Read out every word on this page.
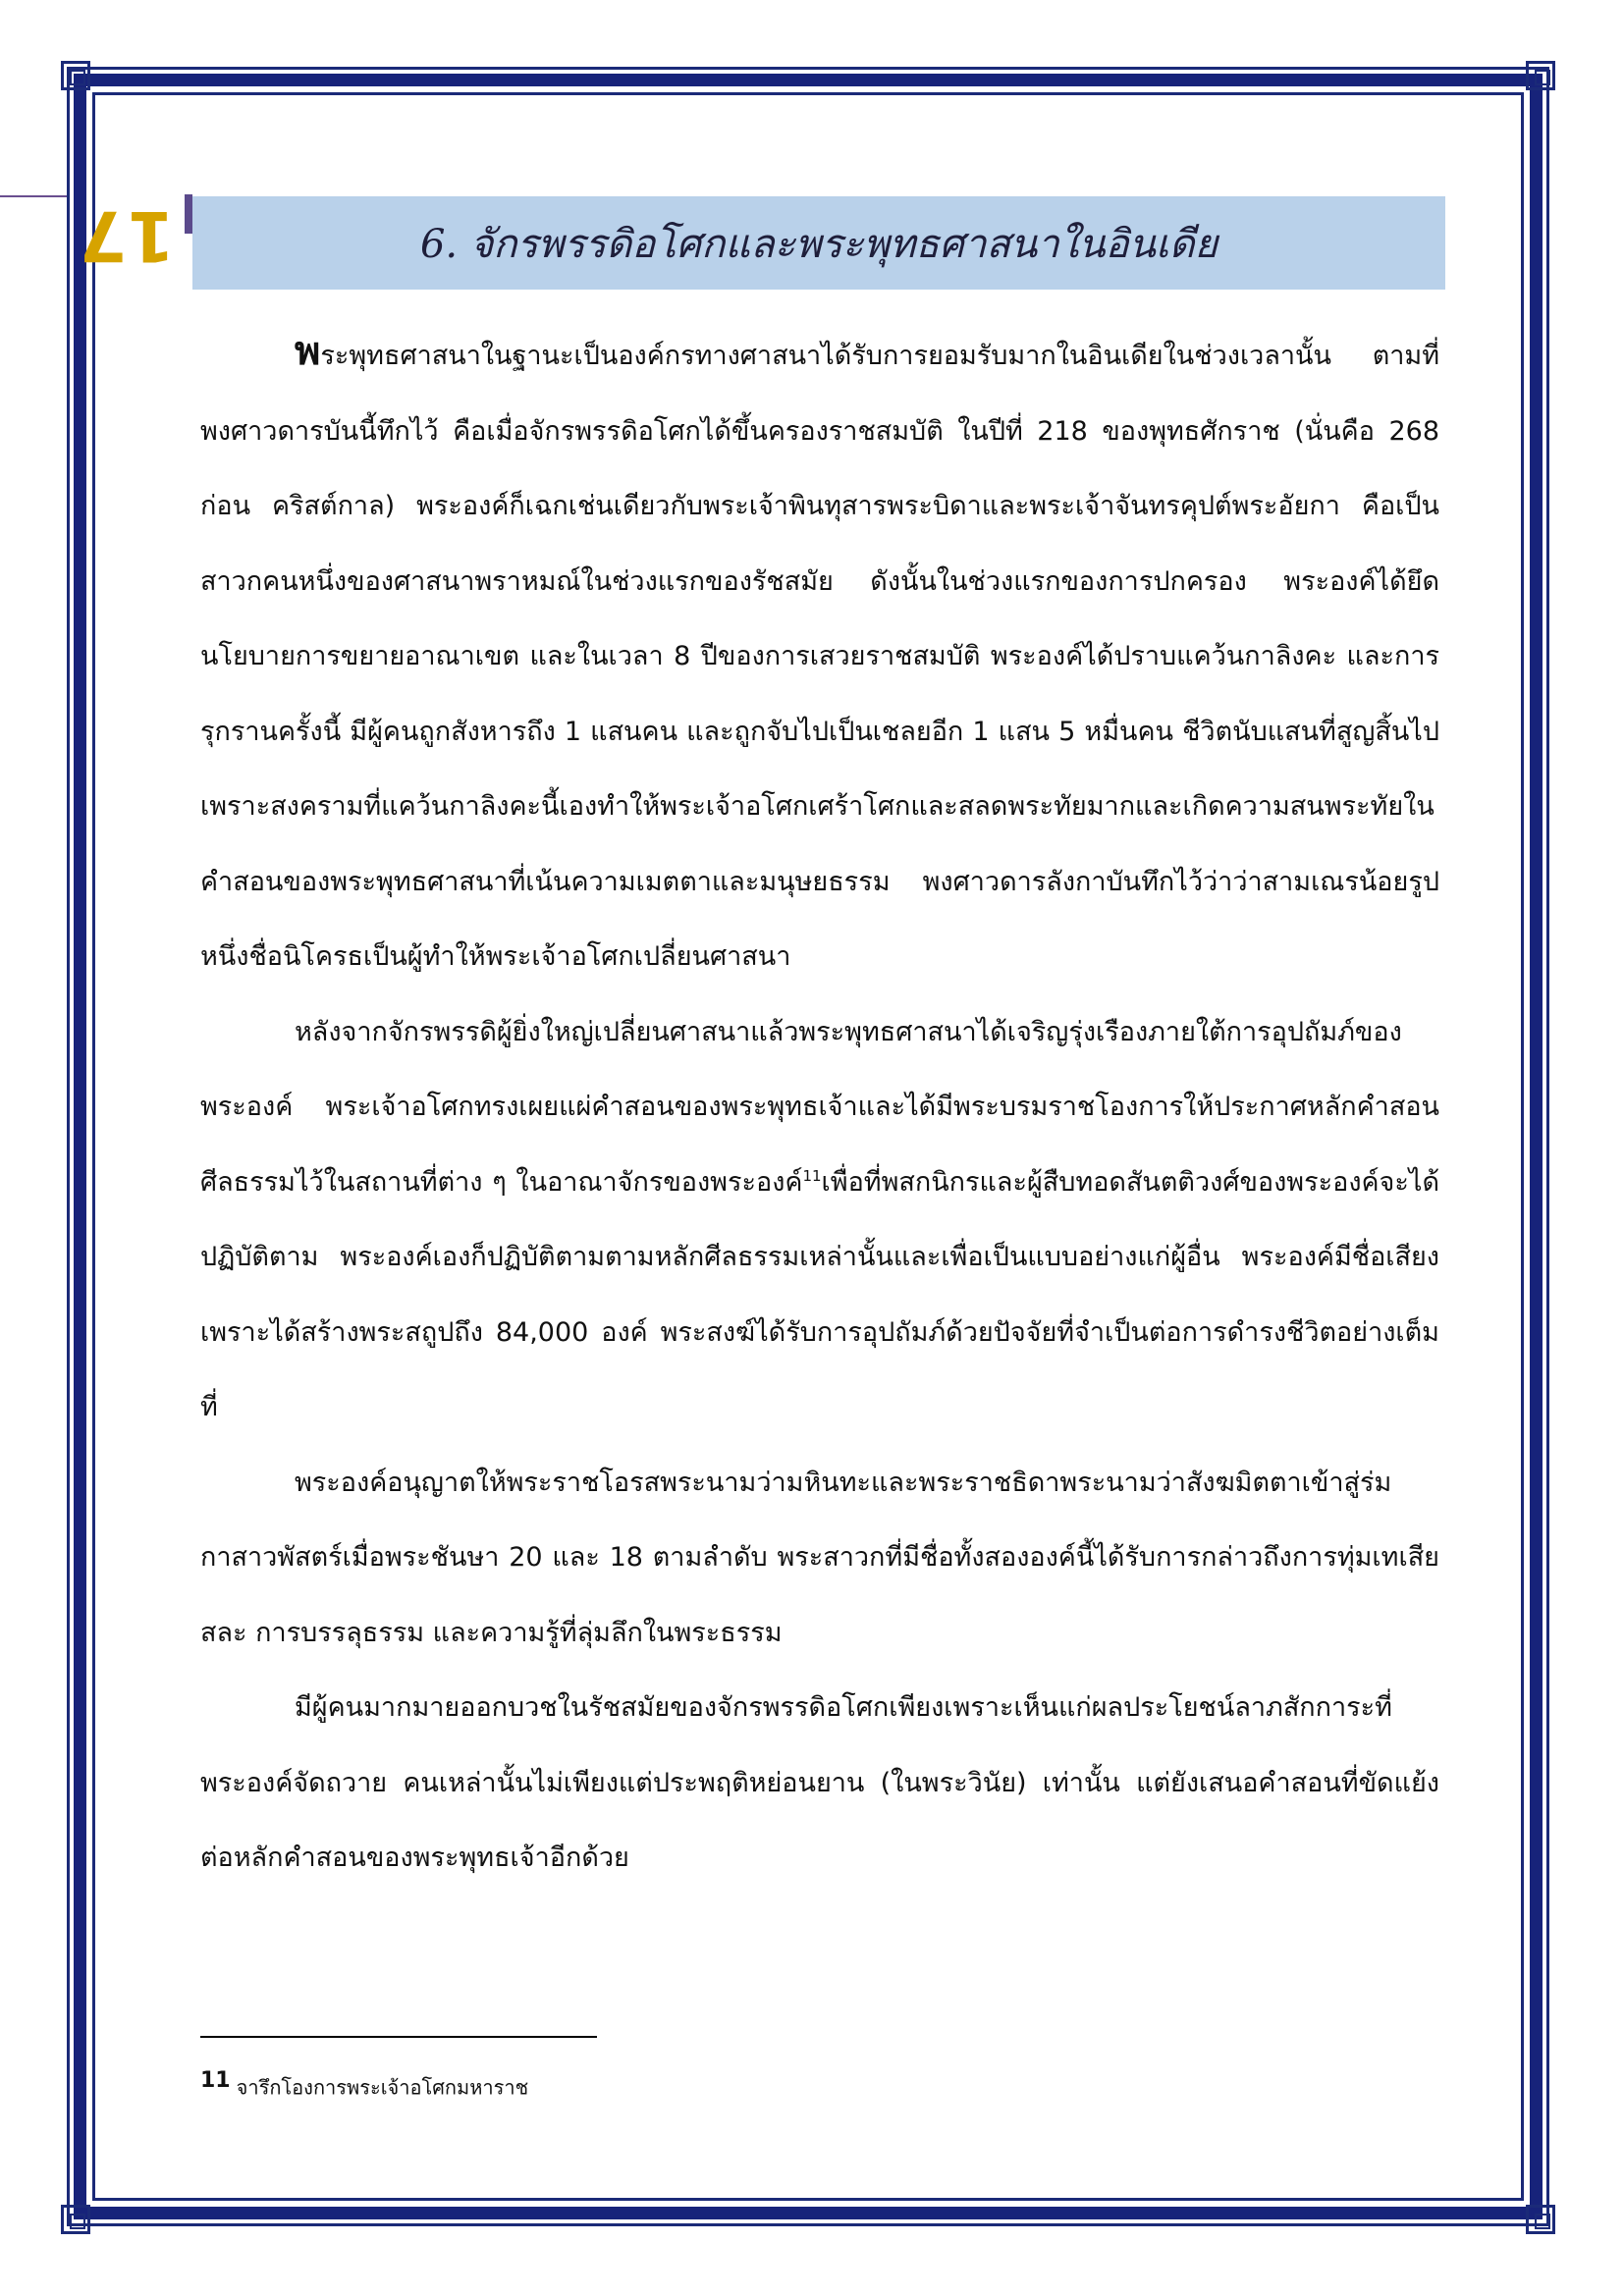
17	6. จักรพรรดิอโศกและพระพุทธศาสนาในอินเดีย

พระพุทธศาสนาในฐานะเป็นองค์กรทางศาสนาได้รับการยอมรับมากในอินเดียในช่วงเวลานั้น ตามที่พงศาวดารบันนี้ทึกไว้ คือเมื่อจักรพรรดิอโศกได้ขึ้นครองราชสมบัติ ในปีที่ 218 ของพุทธศักราช (นั่นคือ 268 ก่อน คริสต์กาล) พระองค์ก็เฉกเช่นเดียวกับพระเจ้าพินทุสารพระบิดาและพระเจ้าจันทรคุปต์พระอัยกา คือเป็นสาวกคนหนึ่งของศาสนาพราหมณ์ในช่วงแรกของรัชสมัย ดังนั้นในช่วงแรกของการปกครอง พระองค์ได้ยึดนโยบายการขยายอาณาเขต และในเวลา 8 ปีของการเสวยราชสมบัติ พระองค์ได้ปราบแคว้นกาลิงคะ และการรุกรานครั้งนี้ มีผู้คนถูกสังหารถึง 1 แสนคน และถูกจับไปเป็นเชลยอีก 1 แสน 5 หมื่นคน ชีวิตนับแสนที่สูญสิ้นไปเพราะสงครามที่แคว้นกาลิงคะนี้เองทำให้พระเจ้าอโศกเศร้าโศกและสลดพระทัยมากและเกิดความสนพระทัยในคำสอนของพระพุทธศาสนาที่เน้นความเมตตาและมนุษยธรรม พงศาวดารลังกาบันทึกไว้ว่าว่าสามเณรน้อยรูปหนึ่งชื่อนิโครธเป็นผู้ทำให้พระเจ้าอโศกเปลี่ยนศาสนา

หลังจากจักรพรรดิผู้ยิ่งใหญ่เปลี่ยนศาสนาแล้วพระพุทธศาสนาได้เจริญรุ่งเรืองภายใต้การอุปถัมภ์ของพระองค์ พระเจ้าอโศกทรงเผยแผ่คำสอนของพระพุทธเจ้าและได้มีพระบรมราชโองการให้ประกาศหลักคำสอนศีลธรรมไว้ในสถานที่ต่าง ๆ ในอาณาจักรของพระองค์$^{11}$เพื่อที่พสกนิกรและผู้สืบทอดสันตติวงศ์ของพระองค์จะได้ปฏิบัติตาม พระองค์เองก็ปฏิบัติตามตามหลักศีลธรรมเหล่านั้นและเพื่อเป็นแบบอย่างแก่ผู้อื่น พระองค์มีชื่อเสียงเพราะได้สร้างพระสถูปถึง 84,000 องค์ พระสงฆ์ได้รับการอุปถัมภ์ด้วยปัจจัยที่จำเป็นต่อการดำรงชีวิตอย่างเต็มที่

พระองค์อนุญาตให้พระราชโอรสพระนามว่ามหินทะและพระราชธิดาพระนามว่าสังฆมิตตาเข้าสู่ร่มกาสาวพัสตร์เมื่อพระชันษา 20 และ 18 ตามลำดับ พระสาวกที่มีชื่อทั้งสององค์นี้ได้รับการกล่าวถึงการทุ่มเทเสียสละ การบรรลุธรรม และความรู้ที่ลุ่มลึกในพระธรรม

มีผู้คนมากมายออกบวชในรัชสมัยของจักรพรรดิอโศกเพียงเพราะเห็นแก่ผลประโยชน์ลาภสักการะที่พระองค์จัดถวาย คนเหล่านั้นไม่เพียงแต่ประพฤติหย่อนยาน (ในพระวินัย) เท่านั้น แต่ยังเสนอคำสอนที่ขัดแย้งต่อหลักคำสอนของพระพุทธเจ้าอีกด้วย

11 จารึกโองการพระเจ้าอโศกมหาราช
